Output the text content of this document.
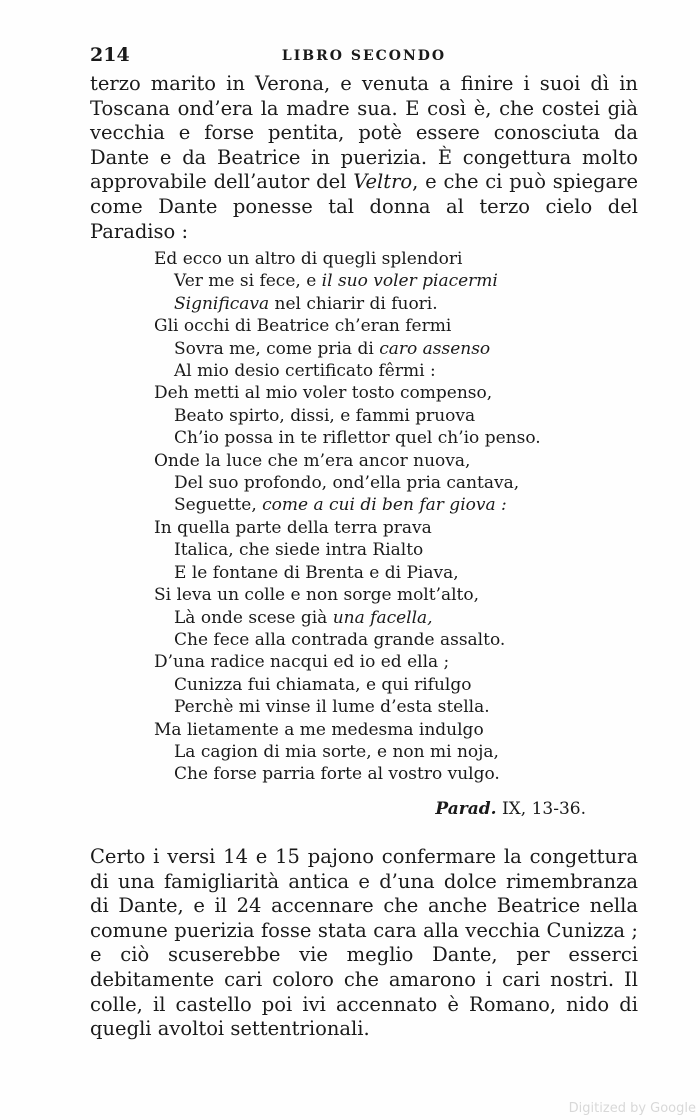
214	LIBRO SECONDO

terzo marito in Verona, e venuta a finire i suoi dì in Toscana ond’era la madre sua. E così è, che costei già vecchia e forse pentita, potè essere conosciuta da Dante e da Beatrice in puerizia. È congettura molto approvabile dell’autor del Veltro, e che ci può spiegare come Dante ponesse tal donna al terzo cielo del Paradiso :

Ed ecco un altro di quegli splendori
Ver me si fece, e il suo voler piacermi
Significava nel chiarir di fuori.
Gli occhi di Beatrice ch’eran fermi
Sovra me, come pria di caro assenso
Al mio desio certificato fêrmi :
Deh metti al mio voler tosto compenso,
Beato spirto, dissi, e fammi pruova
Ch’io possa in te riflettor quel ch’io penso.
Onde la luce che m’era ancor nuova,
Del suo profondo, ond’ella pria cantava,
Seguette, come a cui di ben far giova :
In quella parte della terra prava
Italica, che siede intra Rialto
E le fontane di Brenta e di Piava,
Si leva un colle e non sorge molt’alto,
Là onde scese già una facella,
Che fece alla contrada grande assalto.
D’una radice nacqui ed io ed ella ;
Cunizza fui chiamata, e qui rifulgo
Perchè mi vinse il lume d’esta stella.
Ma lietamente a me medesma indulgo
La cagion di mia sorte, e non mi noja,
Che forse parria forte al vostro vulgo.
Parad. IX, 13-36.

Certo i versi 14 e 15 pajono confermare la congettura di una famigliarità antica e d’una dolce rimembranza di Dante, e il 24 accennare che anche Beatrice nella comune puerizia fosse stata cara alla vecchia Cunizza ; e ciò scuserebbe vie meglio Dante, per esserci debitamente cari coloro che amarono i cari nostri. Il colle, il castello poi ivi accennato è Romano, nido di quegli avoltoi settentrionali.

Digitized by Google
